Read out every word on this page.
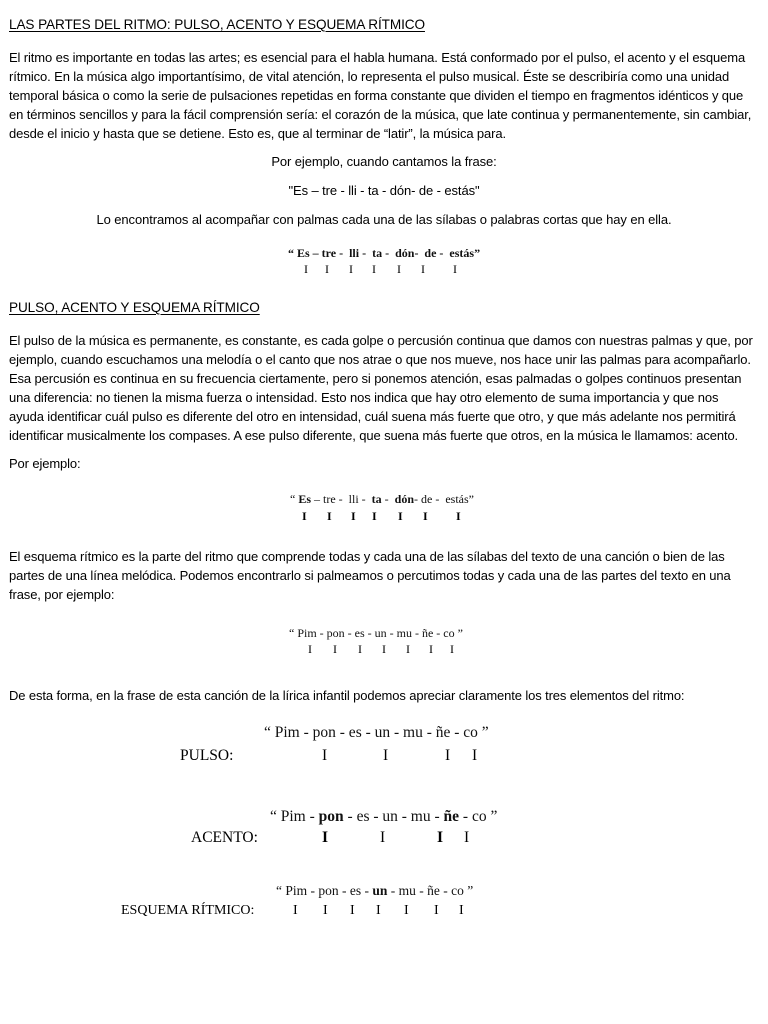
LAS PARTES DEL RITMO: PULSO, ACENTO Y ESQUEMA RÍTMICO

El ritmo es importante en todas las artes; es esencial para el habla humana. Está conformado por el pulso, el acento y el esquema rítmico. En la música algo importantísimo, de vital atención, lo representa el pulso musical. Éste se describiría como una unidad temporal básica o como la serie de pulsaciones repetidas en forma constante que dividen el tiempo en fragmentos idénticos y que en términos sencillos y para la fácil comprensión sería: el corazón de la música, que late continua y permanentemente, sin cambiar, desde el inicio y hasta que se detiene. Esto es, que al terminar de “latir”, la música para.

Por ejemplo, cuando cantamos la frase:

"Es – tre - lli - ta - dón- de - estás"

Lo encontramos al acompañar con palmas cada una de las sílabas o palabras cortas que hay en ella.

“ Es – tre -  lli -  ta -  dón-  de -  estás”
I I I I I I I
PULSO, ACENTO Y ESQUEMA RÍTMICO

El pulso de la música es permanente, es constante, es cada golpe o percusión continua que damos con nuestras palmas y que, por ejemplo, cuando escuchamos una melodía o el canto que nos atrae o que nos mueve, nos hace unir las palmas para acompañarlo. Esa percusión es continua en su frecuencia ciertamente, pero si ponemos atención, esas palmadas o golpes continuos presentan una diferencia: no tienen la misma fuerza o intensidad. Esto nos indica que hay otro elemento de suma importancia y que nos ayuda identificar cuál pulso es diferente del otro en intensidad, cuál suena más fuerte que otro, y que más adelante nos permitirá identificar musicalmente los compases. A ese pulso diferente, que suena más fuerte que otros, en la música le llamamos: acento.

Por ejemplo:

“ Es – tre -  lli -  ta -  dón- de -  estás”
I I I I I I I

El esquema rítmico es la parte del ritmo que comprende todas y cada una de las sílabas del texto de una canción o bien de las partes de una línea melódica. Podemos encontrarlo si palmeamos o percutimos todas y cada una de las partes del texto en una frase, por ejemplo:

“ Pim - pon - es - un - mu - ñe - co ”
I I I I I I I

De esta forma, en la frase de esta canción de la lírica infantil podemos apreciar claramente los tres elementos del ritmo:

“ Pim - pon - es - un - mu - ñe - co ”
PULSO:	I	I	I I
“ Pim - pon - es - un - mu - ñe - co ”
ACENTO:	I	I	I I
“ Pim - pon - es - un - mu - ñe - co ”
ESQUEMA RÍTMICO:	I I I I I I I
